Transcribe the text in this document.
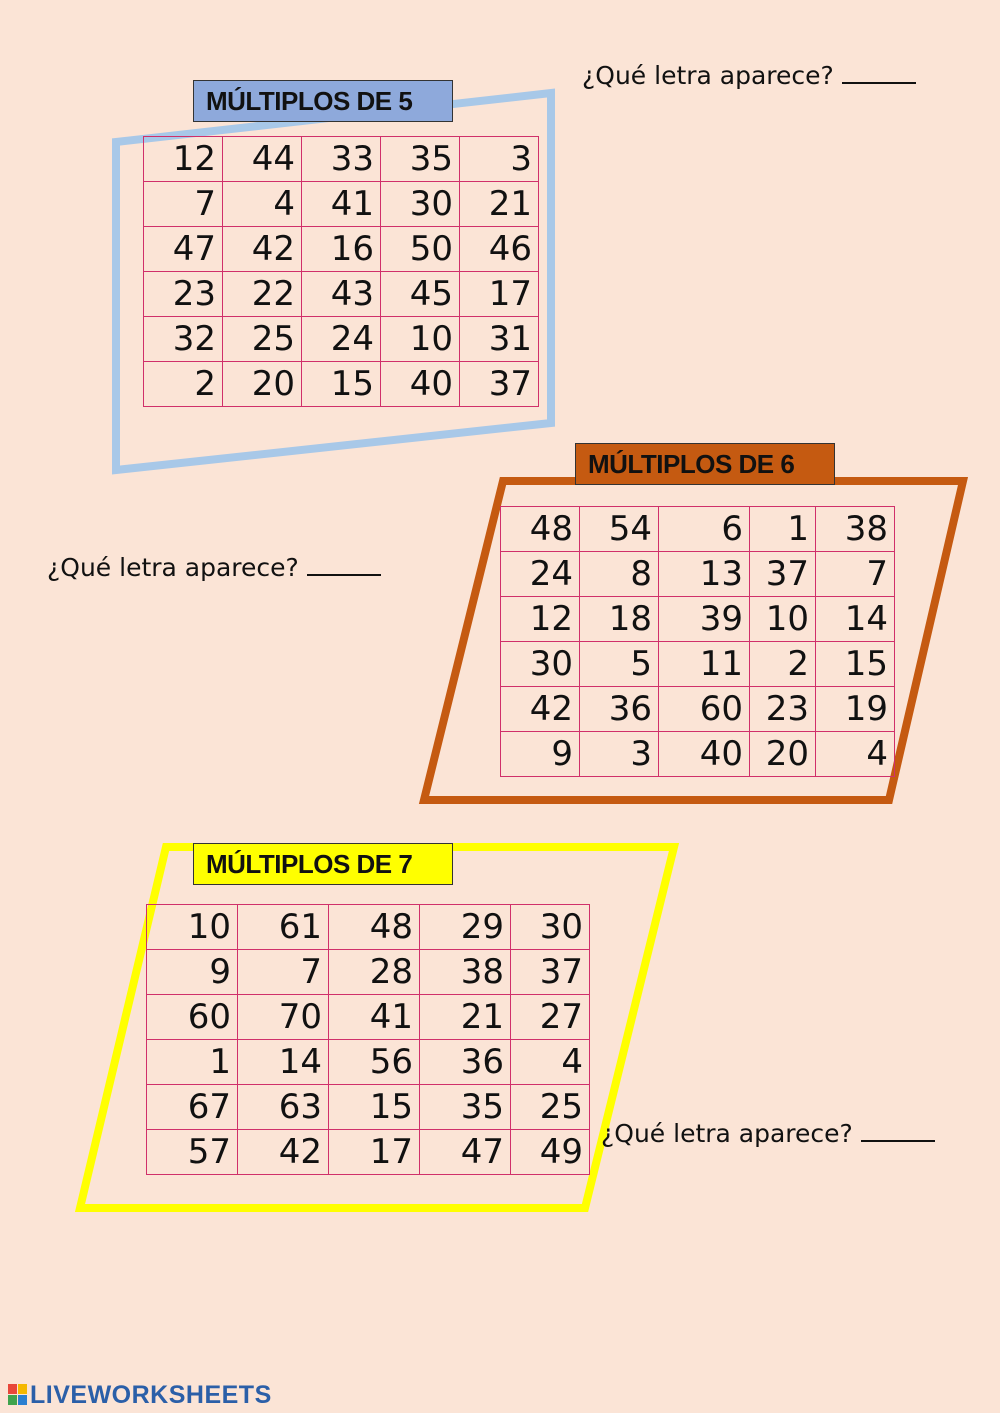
MÚLTIPLOS DE 5
12	44	33	35	3
7	4	41	30	21
47	42	16	50	46
23	22	43	45	17
32	25	24	10	31
2	20	15	40	37
¿Qué letra aparece?
MÚLTIPLOS DE 6
48	54	6	1	38
24	8	13	37	7
12	18	39	10	14
30	5	11	2	15
42	36	60	23	19
9	3	40	20	4
¿Qué letra aparece?
MÚLTIPLOS DE 7
10	61	48	29	30
9	7	28	38	37
60	70	41	21	27
1	14	56	36	4
67	63	15	35	25
57	42	17	47	49 ¿Qué letra aparece?
LIVEWORKSHEETS
